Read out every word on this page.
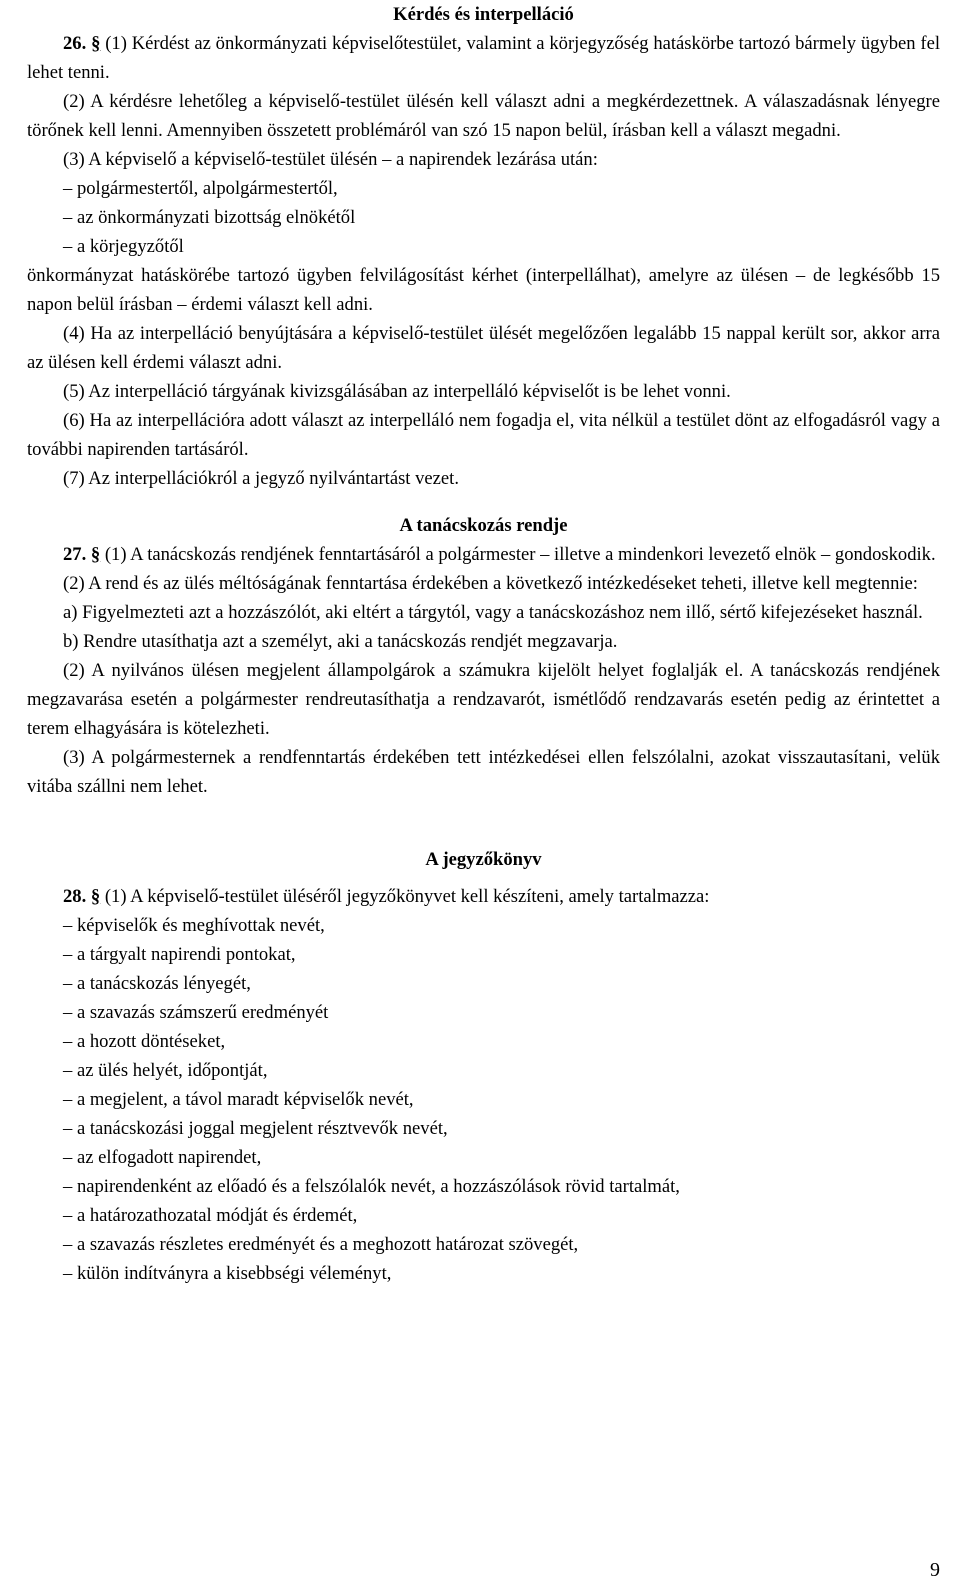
Kérdés és interpelláció
26. § (1) Kérdést az önkormányzati képviselőtestület, valamint a körjegyzőség hatáskörbe tartozó bármely ügyben fel lehet tenni.
(2) A kérdésre lehetőleg a képviselő-testület ülésén kell választ adni a megkérdezettnek. A válaszadásnak lényegre törőnek kell lenni. Amennyiben összetett problémáról van szó 15 napon belül, írásban kell a választ megadni.
(3) A képviselő a képviselő-testület ülésén – a napirendek lezárása után:
– polgármestertől, alpolgármestertől,
– az önkormányzati bizottság elnökétől
– a körjegyzőtől
önkormányzat hatáskörébe tartozó ügyben felvilágosítást kérhet (interpellálhat), amelyre az ülésen – de legkésőbb 15 napon belül írásban – érdemi választ kell adni.
(4) Ha az interpelláció benyújtására a képviselő-testület ülését megelőzően legalább 15 nappal került sor, akkor arra az ülésen kell érdemi választ adni.
(5) Az interpelláció tárgyának kivizsgálásában az interpelláló képviselőt is be lehet vonni.
(6) Ha az interpellációra adott választ az interpelláló nem fogadja el, vita nélkül a testület dönt az elfogadásról vagy a további napirenden tartásáról.
(7) Az interpellációkról a jegyző nyilvántartást vezet.
A tanácskozás rendje
27. § (1) A tanácskozás rendjének fenntartásáról a polgármester – illetve a mindenkori levezető elnök – gondoskodik.
(2) A rend és az ülés méltóságának fenntartása érdekében a következő intézkedéseket teheti, illetve kell megtennie:
a) Figyelmezteti azt a hozzászólót, aki eltért a tárgytól, vagy a tanácskozáshoz nem illő, sértő kifejezéseket használ.
b) Rendre utasíthatja azt a személyt, aki a tanácskozás rendjét megzavarja.
(2) A nyilvános ülésen megjelent állampolgárok a számukra kijelölt helyet foglalják el. A tanácskozás rendjének megzavarása esetén a polgármester rendreutasíthatja a rendzavarót, ismétlődő rendzavarás esetén pedig az érintettet a terem elhagyására is kötelezheti.
(3) A polgármesternek a rendfenntartás érdekében tett intézkedései ellen felszólalni, azokat visszautasítani, velük vitába szállni nem lehet.
A jegyzőkönyv
28. § (1) A képviselő-testület üléséről jegyzőkönyvet kell készíteni, amely tartalmazza:
– képviselők és meghívottak nevét,
– a tárgyalt napirendi pontokat,
– a tanácskozás lényegét,
– a szavazás számszerű eredményét
– a hozott döntéseket,
– az ülés helyét, időpontját,
– a megjelent, a távol maradt képviselők nevét,
– a tanácskozási joggal megjelent résztvevők nevét,
– az elfogadott napirendet,
– napirendenként az előadó és a felszólalók nevét, a hozzászólások rövid tartalmát,
– a határozathozatal módját és érdemét,
– a szavazás részletes eredményét és a meghozott határozat szövegét,
– külön indítványra a kisebbségi véleményt,
9
